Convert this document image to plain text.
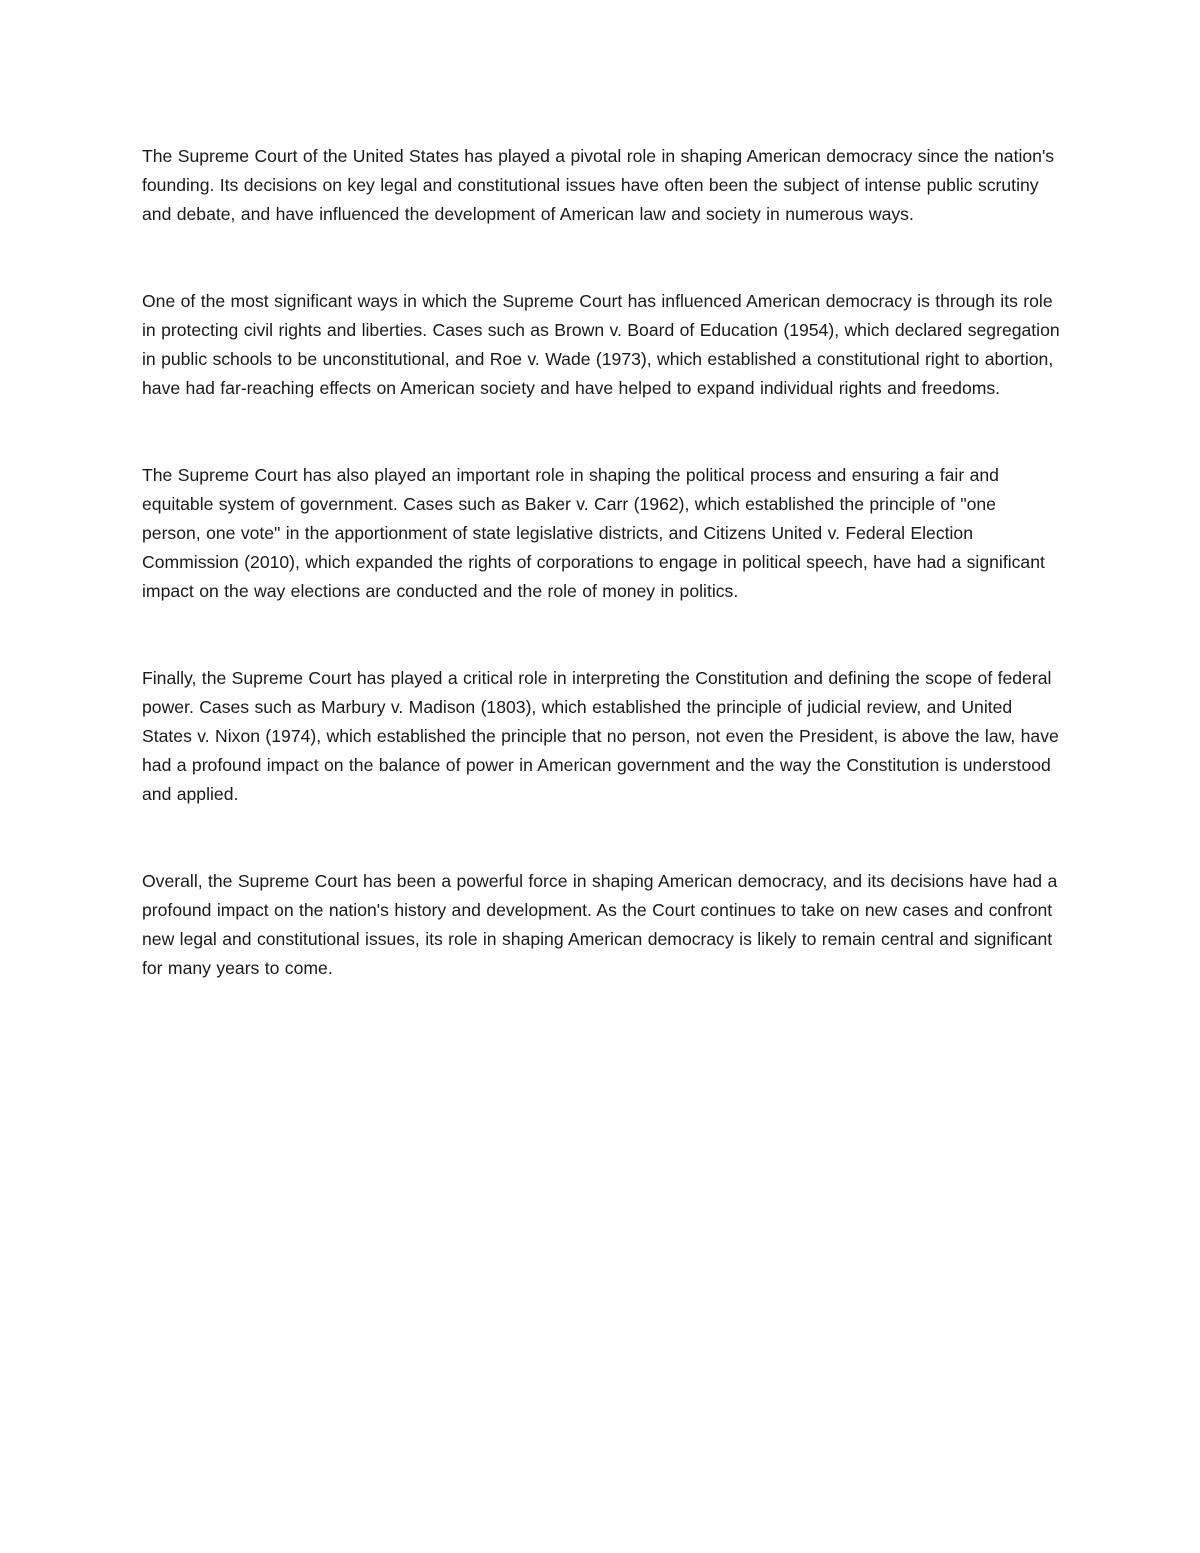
The Supreme Court of the United States has played a pivotal role in shaping American democracy since the nation's founding. Its decisions on key legal and constitutional issues have often been the subject of intense public scrutiny and debate, and have influenced the development of American law and society in numerous ways.

One of the most significant ways in which the Supreme Court has influenced American democracy is through its role in protecting civil rights and liberties. Cases such as Brown v. Board of Education (1954), which declared segregation in public schools to be unconstitutional, and Roe v. Wade (1973), which established a constitutional right to abortion, have had far-reaching effects on American society and have helped to expand individual rights and freedoms.

The Supreme Court has also played an important role in shaping the political process and ensuring a fair and equitable system of government. Cases such as Baker v. Carr (1962), which established the principle of "one person, one vote" in the apportionment of state legislative districts, and Citizens United v. Federal Election Commission (2010), which expanded the rights of corporations to engage in political speech, have had a significant impact on the way elections are conducted and the role of money in politics.

Finally, the Supreme Court has played a critical role in interpreting the Constitution and defining the scope of federal power. Cases such as Marbury v. Madison (1803), which established the principle of judicial review, and United States v. Nixon (1974), which established the principle that no person, not even the President, is above the law, have had a profound impact on the balance of power in American government and the way the Constitution is understood and applied.

Overall, the Supreme Court has been a powerful force in shaping American democracy, and its decisions have had a profound impact on the nation's history and development. As the Court continues to take on new cases and confront new legal and constitutional issues, its role in shaping American democracy is likely to remain central and significant for many years to come.
